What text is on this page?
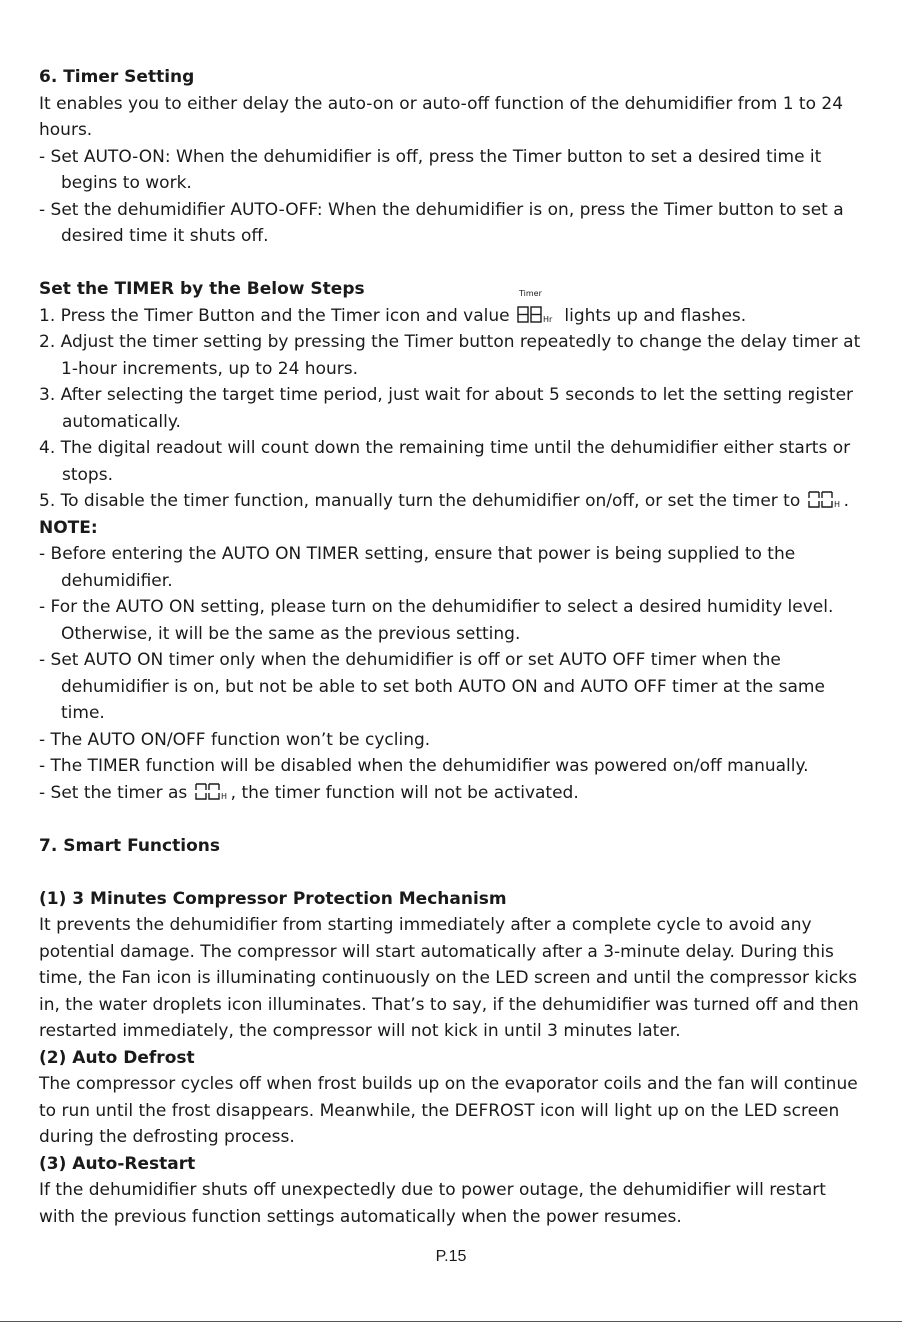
6. Timer Setting
It enables you to either delay the auto-on or auto-off function of the dehumidifier from 1 to 24
hours.
- Set AUTO-ON: When the dehumidifier is off, press the Timer button to set a desired time it
begins to work.
- Set the dehumidifier AUTO-OFF: When the dehumidifier is on, press the Timer button to set a
desired time it shuts off.
Set the TIMER by the Below Steps
1. Press the Timer Button and the Timer icon and value
Timer
Hr lights up and flashes.
2. Adjust the timer setting by pressing the Timer button repeatedly to change the delay timer at
1-hour increments, up to 24 hours.
3. After selecting the target time period, just wait for about 5 seconds to let the setting register
automatically.
4. The digital readout will count down the remaining time until the dehumidifier either starts or
stops.
5. To disable the timer function, manually turn the dehumidifier on/off, or set the timer to	H .
NOTE:
- Before entering the AUTO ON TIMER setting, ensure that power is being supplied to the
dehumidifier.
- For the AUTO ON setting, please turn on the dehumidifier to select a desired humidity level.
Otherwise, it will be the same as the previous setting.
- Set AUTO ON timer only when the dehumidifier is off or set AUTO OFF timer when the
dehumidifier is on, but not be able to set both AUTO ON and AUTO OFF timer at the same
time.
- The AUTO ON/OFF function won’t be cycling.
- The TIMER function will be disabled when the dehumidifier was powered on/off manually.
- Set the timer as	H , the timer function will not be activated.
7. Smart Functions
(1) 3 Minutes Compressor Protection Mechanism
It prevents the dehumidifier from starting immediately after a complete cycle to avoid any
potential damage. The compressor will start automatically after a 3-minute delay. During this
time, the Fan icon is illuminating continuously on the LED screen and until the compressor kicks
in, the water droplets icon illuminates. That’s to say, if the dehumidifier was turned off and then
restarted immediately, the compressor will not kick in until 3 minutes later.
(2) Auto Defrost
The compressor cycles off when frost builds up on the evaporator coils and the fan will continue
to run until the frost disappears. Meanwhile, the DEFROST icon will light up on the LED screen
during the defrosting process.
(3) Auto-Restart
If the dehumidifier shuts off unexpectedly due to power outage, the dehumidifier will restart
with the previous function settings automatically when the power resumes.
P.15
